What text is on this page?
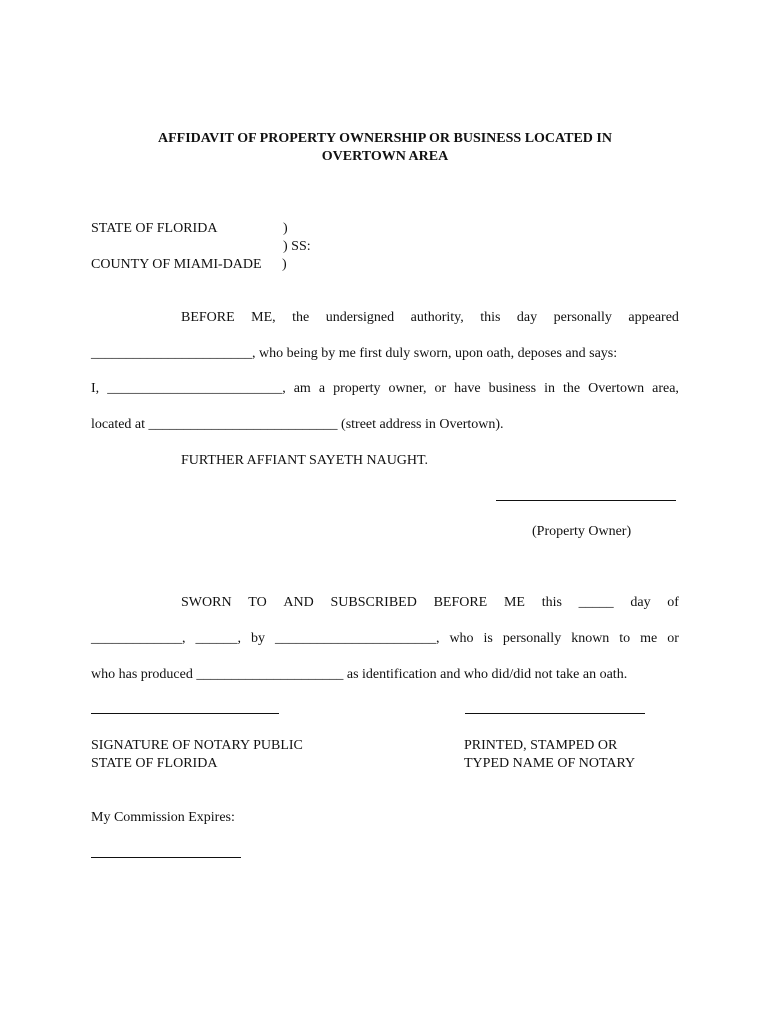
AFFIDAVIT OF PROPERTY OWNERSHIP OR BUSINESS LOCATED IN
OVERTOWN AREA
STATE OF FLORIDA	)
) SS:
COUNTY OF MIAMI-DADE )
BEFORE ME, the undersigned authority, this day personally appeared
_______________________, who being by me first duly sworn, upon oath, deposes and says:
I, _________________________, am a property owner, or have business in the Overtown area,
located at ___________________________ (street address in Overtown).
FURTHER AFFIANT SAYETH NAUGHT.
(Property Owner)
SWORN TO AND SUBSCRIBED BEFORE ME this _____ day of
_____________, ______, by _______________________, who is personally known to me or
who has produced _____________________ as identification and who did/did not take an oath.
SIGNATURE OF NOTARY PUBLIC
STATE OF FLORIDA
PRINTED, STAMPED OR
TYPED NAME OF NOTARY
My Commission Expires:
